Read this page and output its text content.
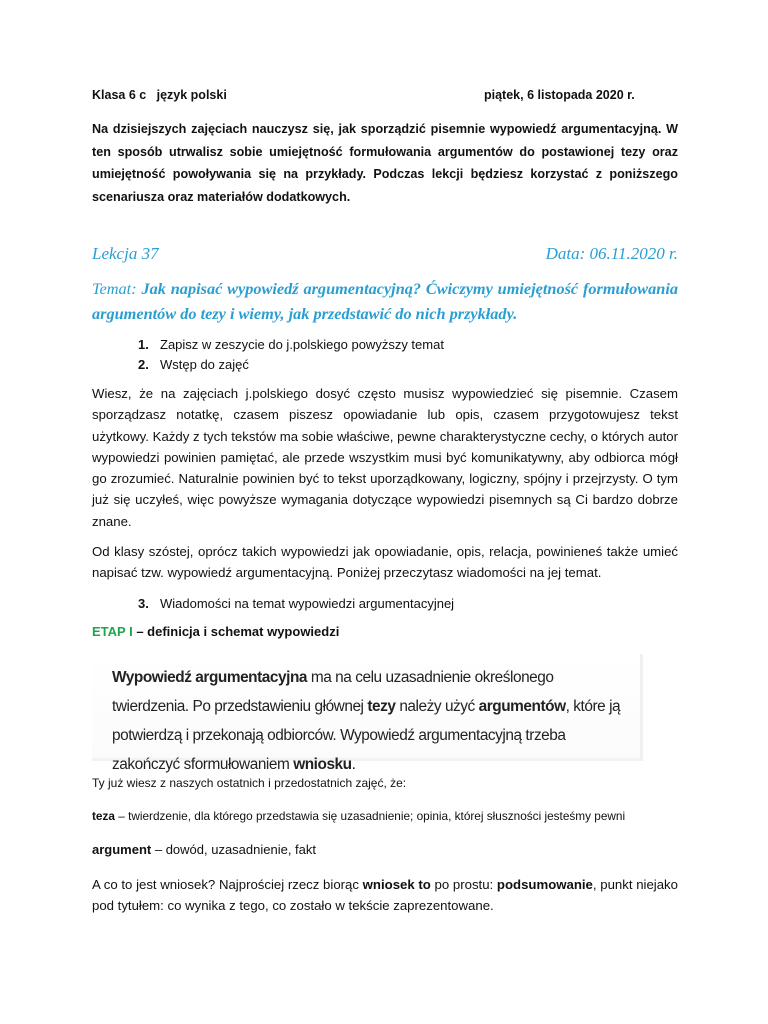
Klasa 6 c   język polski	piątek, 6 listopada 2020 r.

Na dzisiejszych zajęciach nauczysz się, jak sporządzić pisemnie wypowiedź argumentacyjną. W ten sposób utrwalisz sobie umiejętność formułowania argumentów do postawionej tezy oraz umiejętność powoływania się na przykłady. Podczas lekcji będziesz korzystać z poniższego scenariusza oraz materiałów dodatkowych.

Lekcja 37	Data: 06.11.2020 r.

Temat: Jak napisać wypowiedź argumentacyjną? Ćwiczymy umiejętność formułowania argumentów do tezy i wiemy, jak przedstawić do nich przykłady.

1. Zapisz w zeszycie do j.polskiego powyższy temat
2. Wstęp do zajęć

Wiesz, że na zajęciach j.polskiego dosyć często musisz wypowiedzieć się pisemnie. Czasem sporządzasz notatkę, czasem piszesz opowiadanie lub opis, czasem przygotowujesz tekst użytkowy. Każdy z tych tekstów ma sobie właściwe, pewne charakterystyczne cechy, o których autor wypowiedzi powinien pamiętać, ale przede wszystkim musi być komunikatywny, aby odbiorca mógł go zrozumieć. Naturalnie powinien być to tekst uporządkowany, logiczny, spójny i przejrzysty. O tym już się uczyłeś, więc powyższe wymagania dotyczące wypowiedzi pisemnych są Ci bardzo dobrze znane.

Od klasy szóstej, oprócz takich wypowiedzi jak opowiadanie, opis, relacja, powinieneś także umieć napisać tzw. wypowiedź argumentacyjną. Poniżej przeczytasz wiadomości na jej temat.

3. Wiadomości na temat wypowiedzi argumentacyjnej
ETAP I – definicja i schemat wypowiedzi

Wypowiedź argumentacyjna ma na celu uzasadnienie określonego twierdzenia. Po przedstawieniu głównej tezy należy użyć argumentów, które ją potwierdzą i przekonają odbiorców. Wypowiedź argumentacyjną trzeba zakończyć sformułowaniem wniosku.

Ty już wiesz z naszych ostatnich i przedostatnich zajęć, że:

teza – twierdzenie, dla którego przedstawia się uzasadnienie; opinia, której słuszności jesteśmy pewni

argument – dowód, uzasadnienie, fakt

A co to jest wniosek? Najprościej rzecz biorąc wniosek to po prostu: podsumowanie, punkt niejako pod tytułem: co wynika z tego, co zostało w tekście zaprezentowane.
